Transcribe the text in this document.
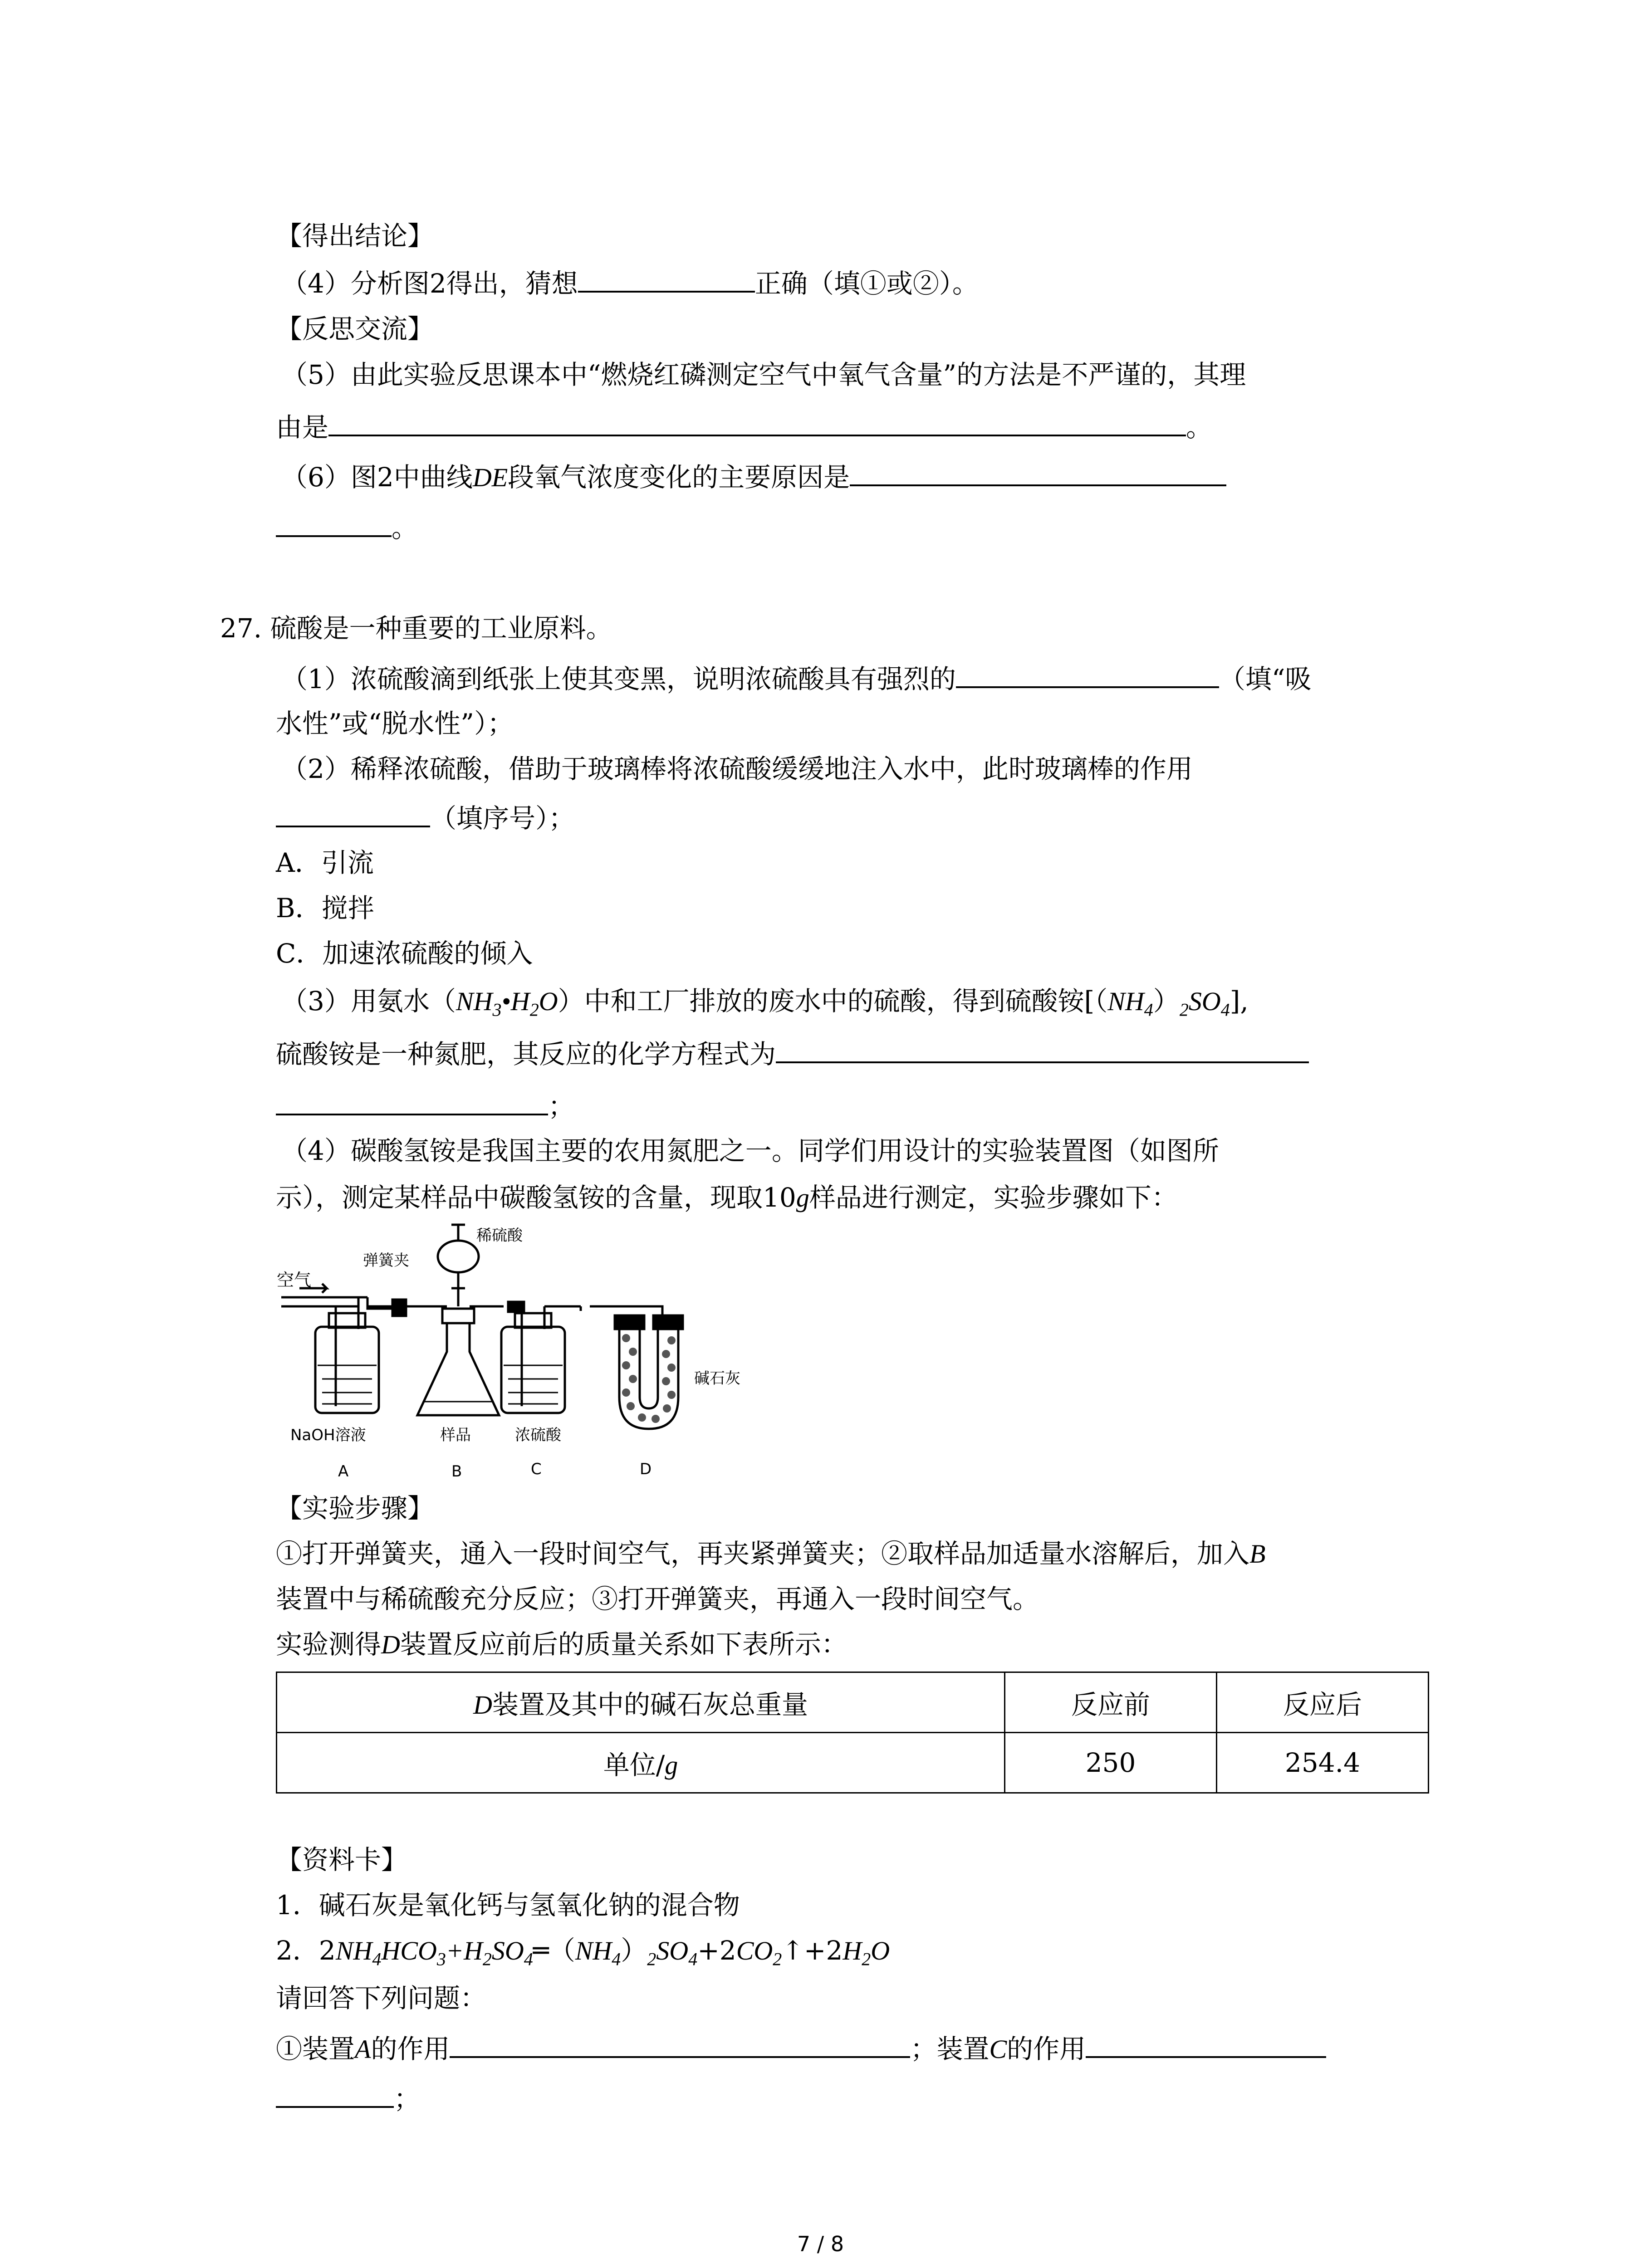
【得出结论】
（4）分析图2得出，猜想	正确（填①或②）。
【反思交流】
（5）由此实验反思课本中“燃烧红磷测定空气中氧气含量”的方法是不严谨的，其理
由是	。
（6）图2中曲线DE段氧气浓度变化的主要原因是
。
27. 硫酸是一种重要的工业原料。
（1）浓硫酸滴到纸张上使其变黑，说明浓硫酸具有强烈的	（填“吸
水性”或“脱水性”）；
（2）稀释浓硫酸，借助于玻璃棒将浓硫酸缓缓地注入水中，此时玻璃棒的作用
（填序号）；
A．引流
B．搅拌
C．加速浓硫酸的倾入
（3）用氨水$(NH_3•H_2O)$中和工厂排放的废水中的硫酸，得到硫酸铵$[(NH_4)_2SO_4]$,
硫酸铵是一种氮肥，其反应的化学方程式为
；
（4）碳酸氢铵是我国主要的农用氮肥之一。同学们用设计的实验装置图（如图所
示），测定某样品中碳酸氢铵的含量，现取10g样品进行测定，实验步骤如下：
空气
弹簧夹
稀硫酸
NaOH溶液	样品	浓硫酸
碱石灰
A	B	C	D
【实验步骤】
①打开弹簧夹，通入一段时间空气，再夹紧弹簧夹；②取样品加适量水溶解后，加入B
装置中与稀硫酸充分反应；③打开弹簧夹，再通入一段时间空气。
实验测得D装置反应前后的质量关系如下表所示：
D装置及其中的碱石灰总重量	反应前	反应后
单位/g	250	254.4
【资料卡】
1．碱石灰是氧化钙与氢氧化钠的混合物
2．$2NH_4HCO_3+H_2SO_4═(NH_4)_2SO_4+2CO_2↑+2H_2O$
请回答下列问题：
①装置A的作用	；装置C的作用
；
7 / 8
